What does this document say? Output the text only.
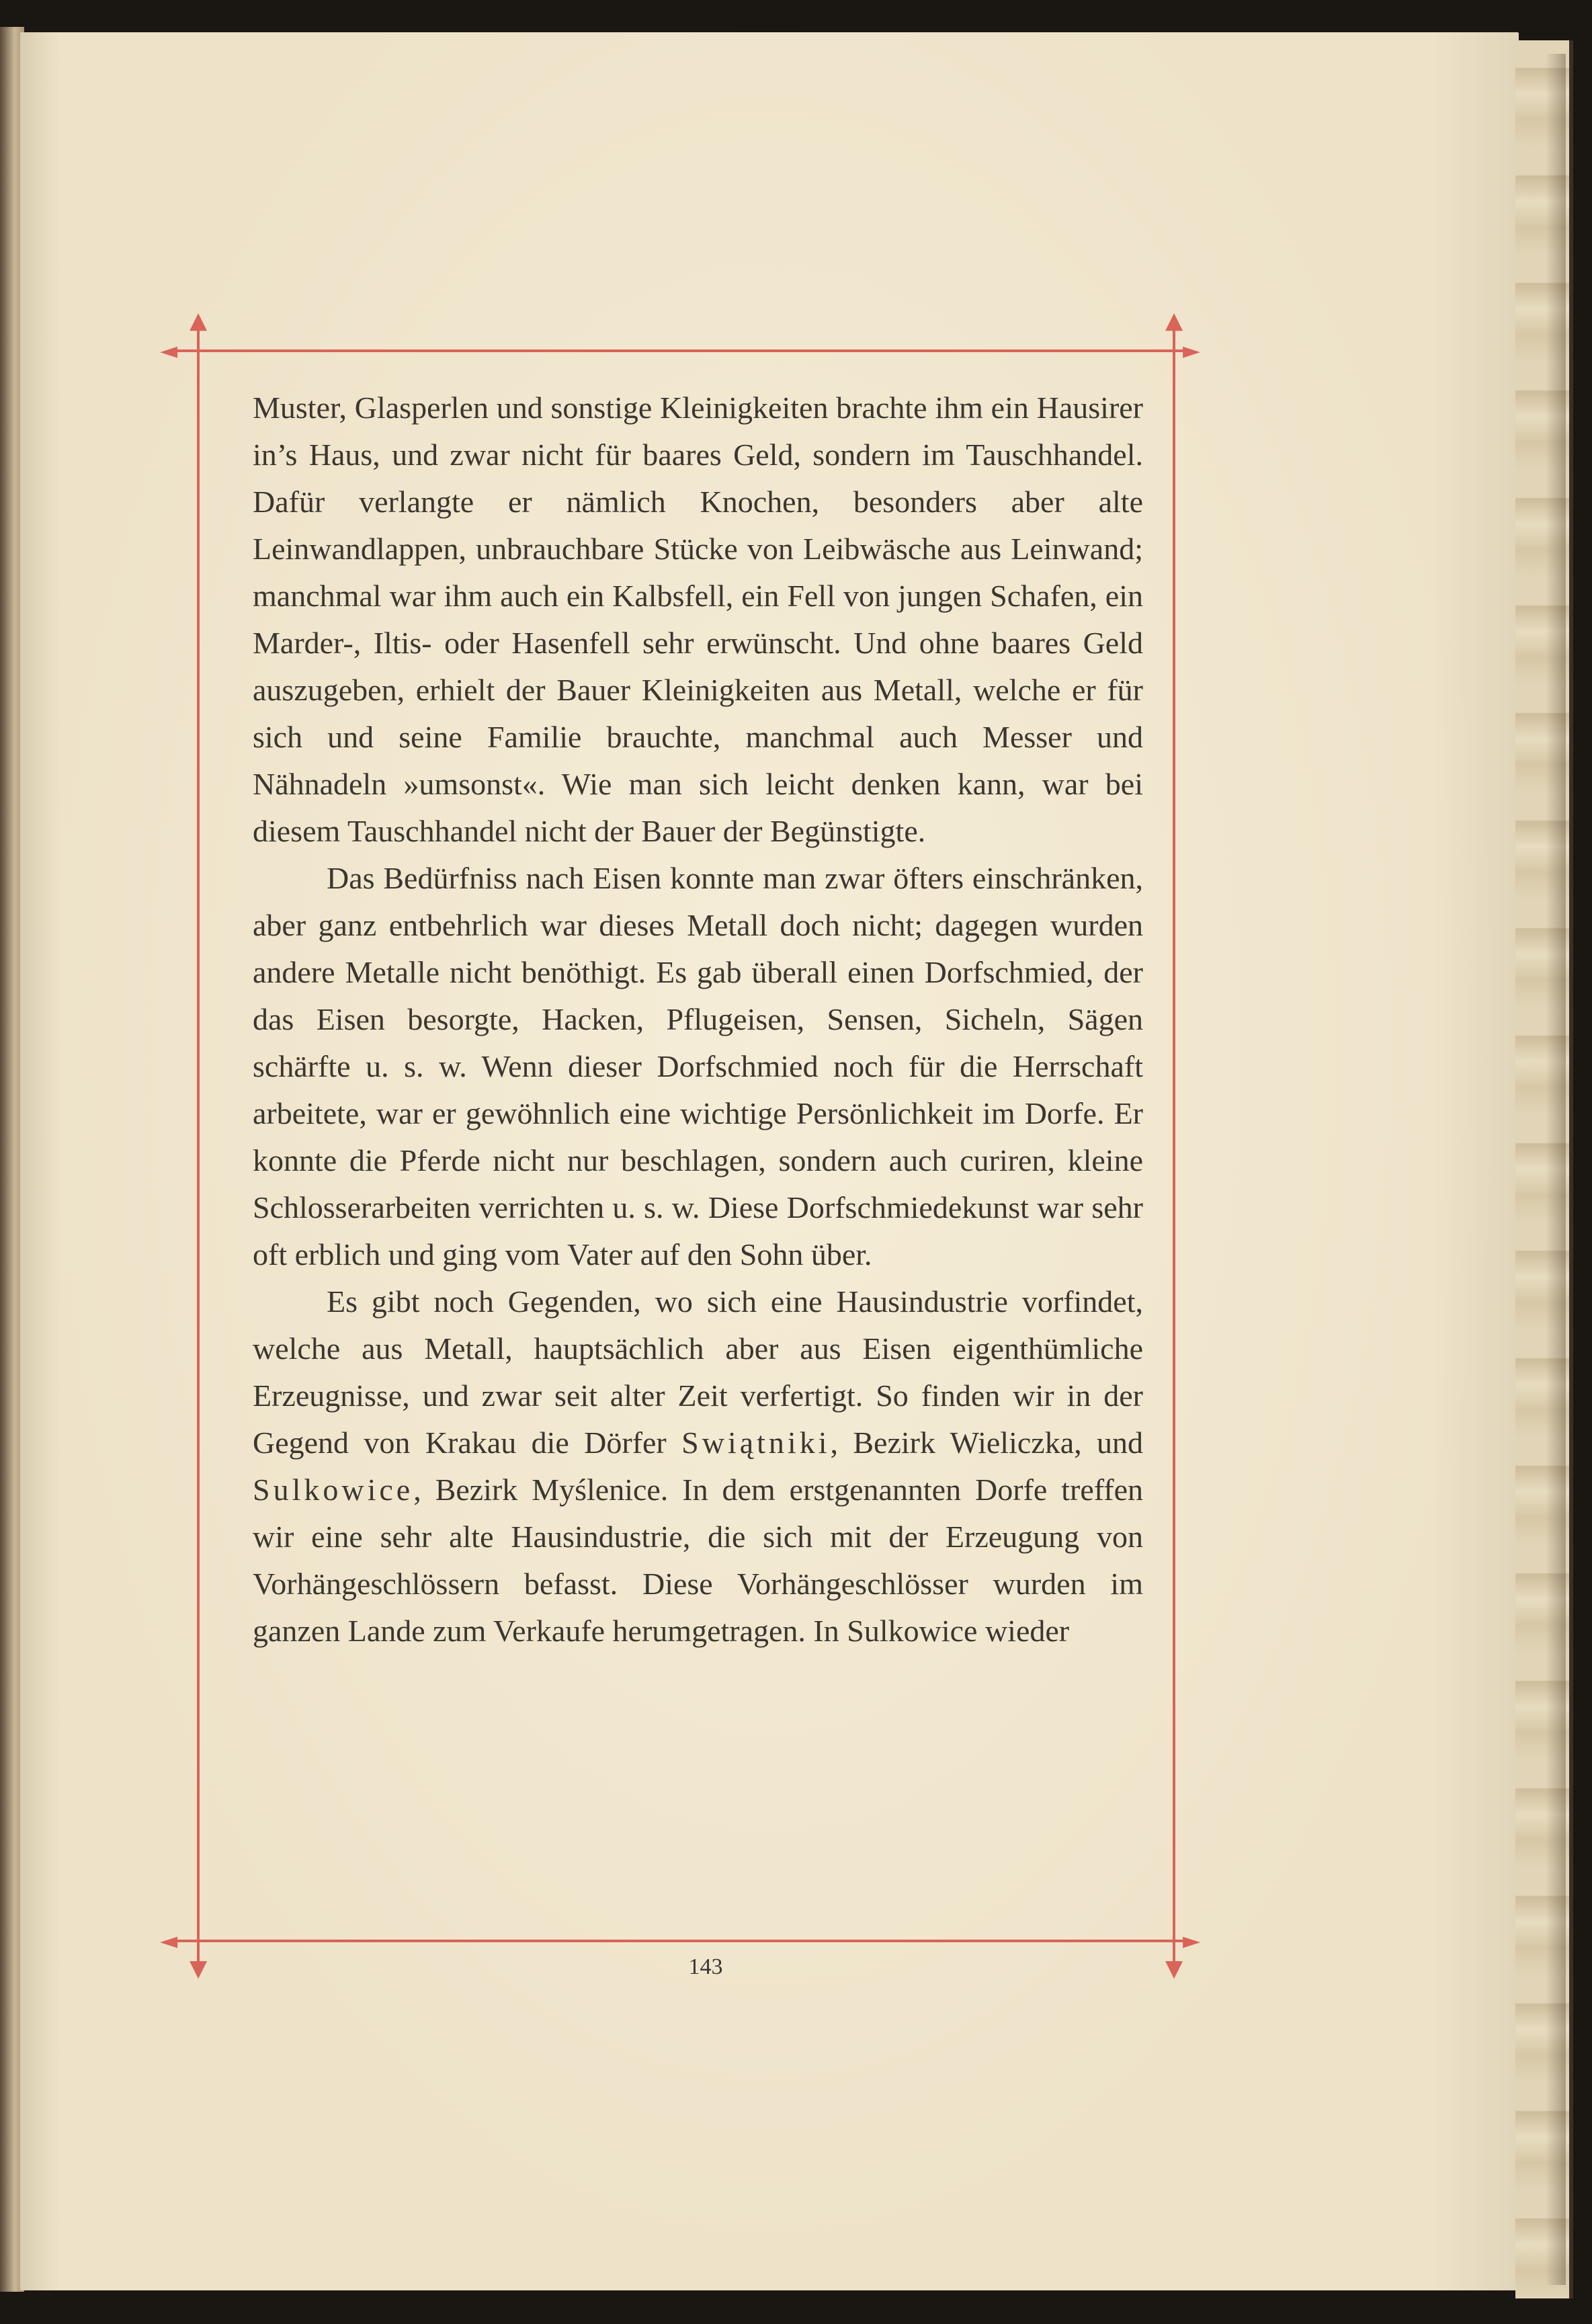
▲	▲
►
◄
◄	►
▼	▼

Muster, Glasperlen und sonstige Kleinigkeiten brachte ihm ein Hausirer in’s Haus, und zwar nicht für baares Geld, sondern im Tauschhandel. Dafür verlangte er nämlich Knochen, besonders aber alte Leinwandlappen, unbrauchbare Stücke von Leibwäsche aus Leinwand; manchmal war ihm auch ein Kalbsfell, ein Fell von jungen Schafen, ein Marder-, Iltis- oder Hasenfell sehr erwünscht. Und ohne baares Geld auszugeben, erhielt der Bauer Kleinigkeiten aus Metall, welche er für sich und seine Familie brauchte, manchmal auch Messer und Nähnadeln »umsonst«. Wie man sich leicht denken kann, war bei diesem Tauschhandel nicht der Bauer der Begünstigte.

Das Bedürfniss nach Eisen konnte man zwar öfters einschränken, aber ganz entbehrlich war dieses Metall doch nicht; dagegen wurden andere Metalle nicht benöthigt. Es gab überall einen Dorfschmied, der das Eisen besorgte, Hacken, Pflugeisen, Sensen, Sicheln, Sägen schärfte u. s. w. Wenn dieser Dorfschmied noch für die Herrschaft arbeitete, war er gewöhnlich eine wichtige Persönlichkeit im Dorfe. Er konnte die Pferde nicht nur beschlagen, sondern auch curiren, kleine Schlosserarbeiten verrichten u. s. w. Diese Dorfschmiedekunst war sehr oft erblich und ging vom Vater auf den Sohn über.

Es gibt noch Gegenden, wo sich eine Hausindustrie vorfindet, welche aus Metall, hauptsächlich aber aus Eisen eigenthümliche Erzeugnisse, und zwar seit alter Zeit verfertigt. So finden wir in der Gegend von Krakau die Dörfer Swiątniki, Bezirk Wieliczka, und Sulkowice, Bezirk Myślenice. In dem erstgenannten Dorfe treffen wir eine sehr alte Hausindustrie, die sich mit der Erzeugung von Vorhängeschlössern befasst. Diese Vorhängeschlösser wurden im ganzen Lande zum Verkaufe herumgetragen. In Sulkowice wieder

143
